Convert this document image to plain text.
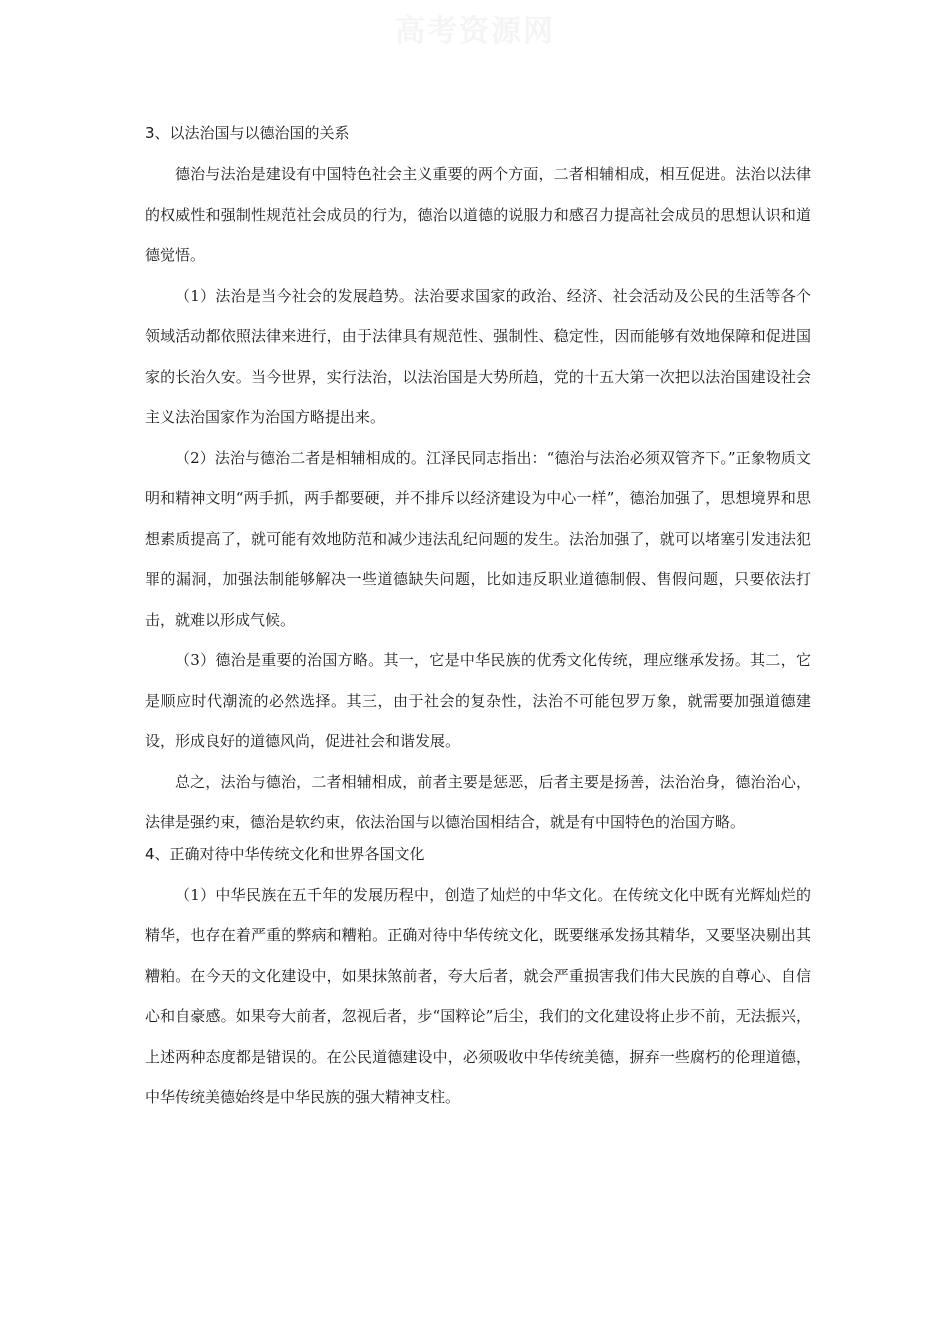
高考资源网
3、以法治国与以德治国的关系

德治与法治是建设有中国特色社会主义重要的两个方面，二者相辅相成，相互促进。法治以法律的权威性和强制性规范社会成员的行为，德治以道德的说服力和感召力提高社会成员的思想认识和道德觉悟。

（1）法治是当今社会的发展趋势。法治要求国家的政治、经济、社会活动及公民的生活等各个领域活动都依照法律来进行，由于法律具有规范性、强制性、稳定性，因而能够有效地保障和促进国家的长治久安。当今世界，实行法治，以法治国是大势所趋，党的十五大第一次把以法治国建设社会主义法治国家作为治国方略提出来。

（2）法治与德治二者是相辅相成的。江泽民同志指出：“德治与法治必须双管齐下。”正象物质文明和精神文明“两手抓，两手都要硬，并不排斥以经济建设为中心一样”，德治加强了，思想境界和思想素质提高了，就可能有效地防范和减少违法乱纪问题的发生。法治加强了，就可以堵塞引发违法犯罪的漏洞，加强法制能够解决一些道德缺失问题，比如违反职业道德制假、售假问题，只要依法打击，就难以形成气候。

（3）德治是重要的治国方略。其一，它是中华民族的优秀文化传统，理应继承发扬。其二，它是顺应时代潮流的必然选择。其三，由于社会的复杂性，法治不可能包罗万象，就需要加强道德建设，形成良好的道德风尚，促进社会和谐发展。

总之，法治与德治，二者相辅相成，前者主要是惩恶，后者主要是扬善，法治治身，德治治心，法律是强约束，德治是软约束，依法治国与以德治国相结合，就是有中国特色的治国方略。

4、正确对待中华传统文化和世界各国文化

（1）中华民族在五千年的发展历程中，创造了灿烂的中华文化。在传统文化中既有光辉灿烂的精华，也存在着严重的弊病和糟粕。正确对待中华传统文化，既要继承发扬其精华，又要坚决剔出其糟粕。在今天的文化建设中，如果抹煞前者，夸大后者，就会严重损害我们伟大民族的自尊心、自信心和自豪感。如果夸大前者，忽视后者，步“国粹论”后尘，我们的文化建设将止步不前，无法振兴，上述两种态度都是错误的。在公民道德建设中，必须吸收中华传统美德，摒弃一些腐朽的伦理道德，中华传统美德始终是中华民族的强大精神支柱。
